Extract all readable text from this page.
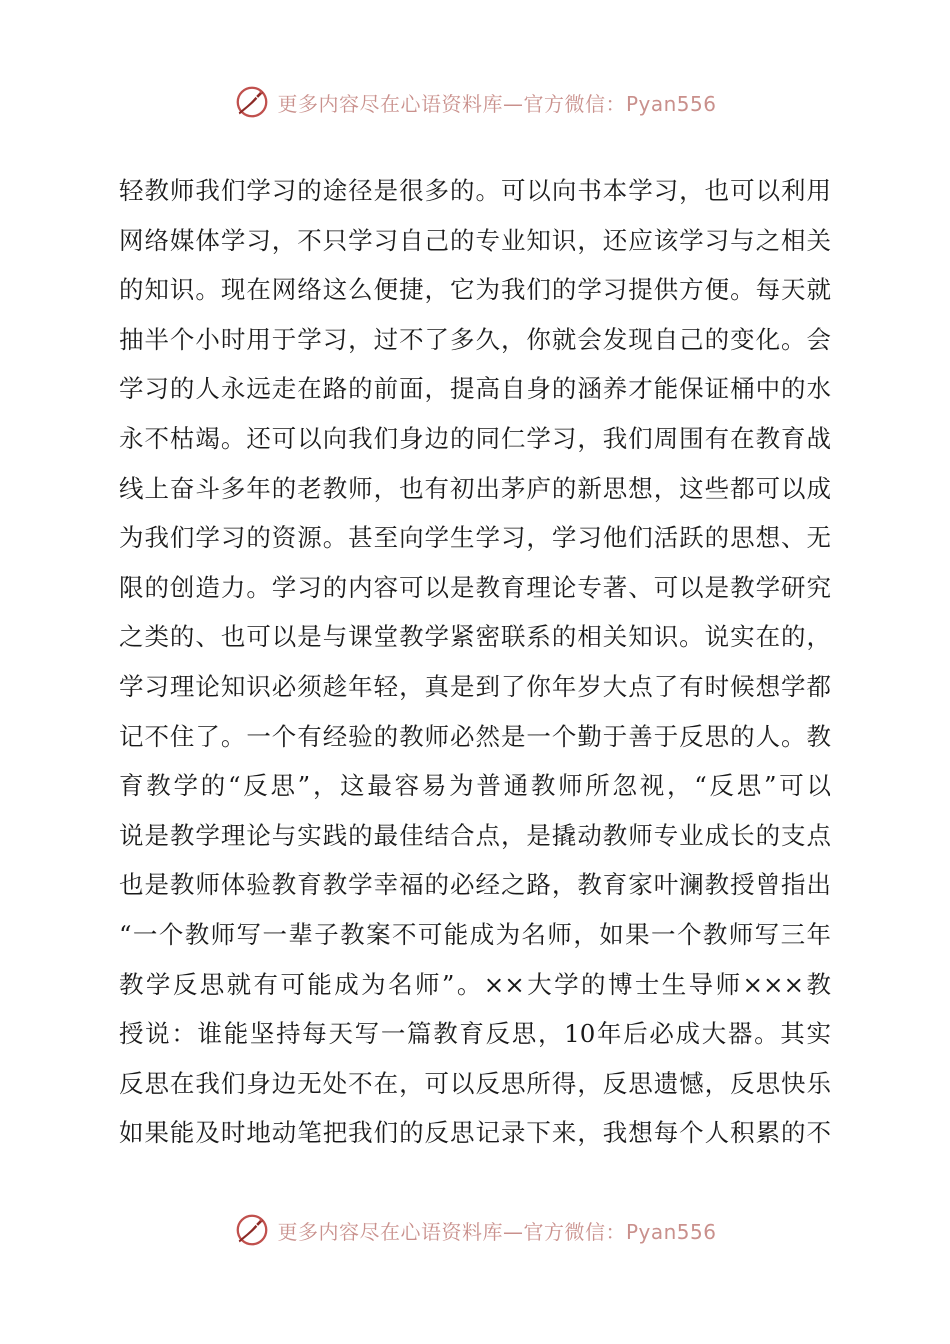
更多内容尽在心语资料库—官方微信：Pyan556
轻教师我们学习的途径是很多的。可以向书本学习，也可以利用
网络媒体学习，不只学习自己的专业知识，还应该学习与之相关
的知识。现在网络这么便捷，它为我们的学习提供方便。每天就
抽半个小时用于学习，过不了多久，你就会发现自己的变化。会
学习的人永远走在路的前面，提高自身的涵养才能保证桶中的水
永不枯竭。还可以向我们身边的同仁学习，我们周围有在教育战
线上奋斗多年的老教师，也有初出茅庐的新思想，这些都可以成
为我们学习的资源。甚至向学生学习，学习他们活跃的思想、无
限的创造力。学习的内容可以是教育理论专著、可以是教学研究
之类的、也可以是与课堂教学紧密联系的相关知识。说实在的，
学习理论知识必须趁年轻，真是到了你年岁大点了有时候想学都
记不住了。一个有经验的教师必然是一个勤于善于反思的人。教
育教学的“反思”，这最容易为普通教师所忽视，“反思”可以
说是教学理论与实践的最佳结合点，是撬动教师专业成长的支点
也是教师体验教育教学幸福的必经之路，教育家叶澜教授曾指出
“一个教师写一辈子教案不可能成为名师，如果一个教师写三年
教学反思就有可能成为名师”。××大学的博士生导师×××教
授说：谁能坚持每天写一篇教育反思，10年后必成大器。其实
反思在我们身边无处不在，可以反思所得，反思遗憾，反思快乐
如果能及时地动笔把我们的反思记录下来，我想每个人积累的不
更多内容尽在心语资料库—官方微信：Pyan556
